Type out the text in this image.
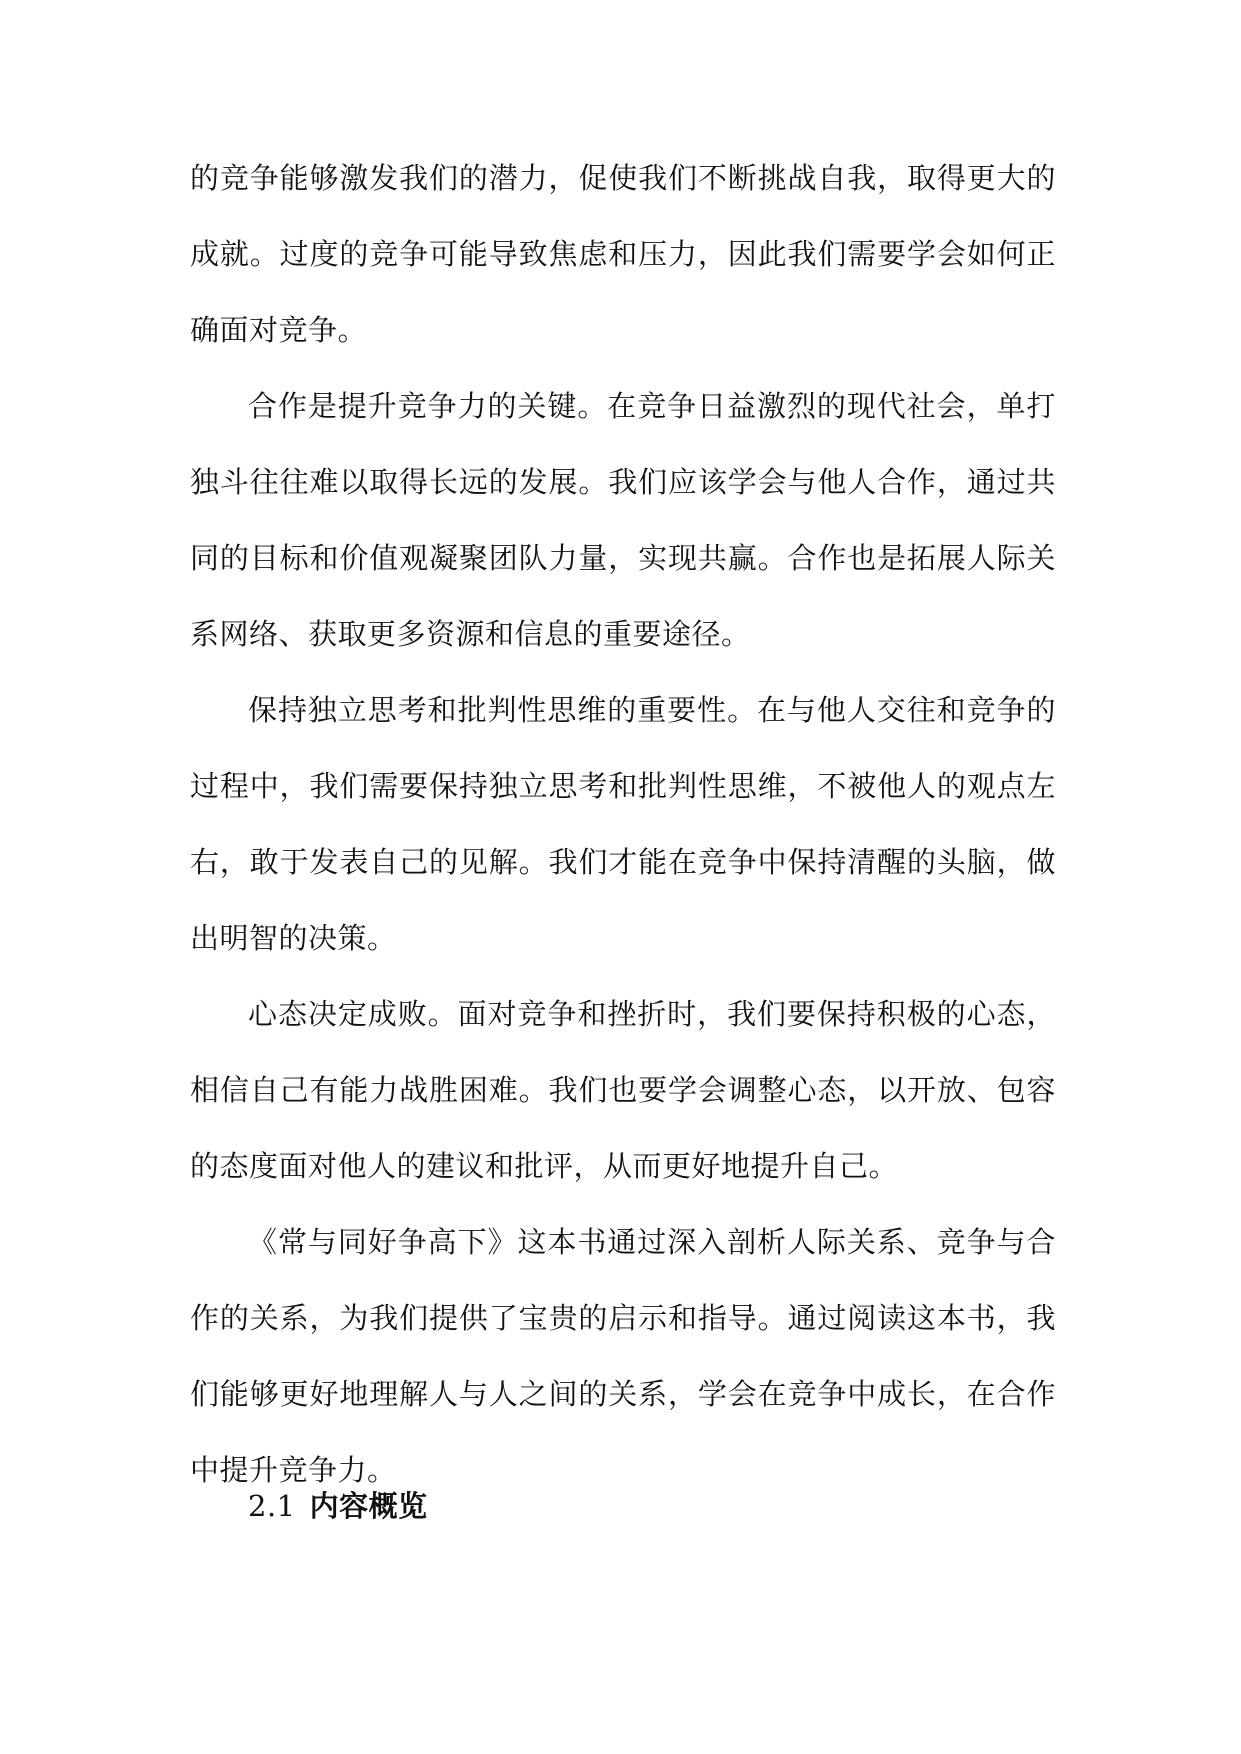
的竞争能够激发我们的潜力，促使我们不断挑战自我，取得更大的成就。过度的竞争可能导致焦虑和压力，因此我们需要学会如何正确面对竞争。

合作是提升竞争力的关键。在竞争日益激烈的现代社会，单打独斗往往难以取得长远的发展。我们应该学会与他人合作，通过共同的目标和价值观凝聚团队力量，实现共赢。合作也是拓展人际关系网络、获取更多资源和信息的重要途径。

保持独立思考和批判性思维的重要性。在与他人交往和竞争的过程中，我们需要保持独立思考和批判性思维，不被他人的观点左右，敢于发表自己的见解。我们才能在竞争中保持清醒的头脑，做出明智的决策。

心态决定成败。面对竞争和挫折时，我们要保持积极的心态，相信自己有能力战胜困难。我们也要学会调整心态，以开放、包容的态度面对他人的建议和批评，从而更好地提升自己。

《常与同好争高下》这本书通过深入剖析人际关系、竞争与合作的关系，为我们提供了宝贵的启示和指导。通过阅读这本书，我们能够更好地理解人与人之间的关系，学会在竞争中成长，在合作中提升竞争力。

2.1 内容概览
